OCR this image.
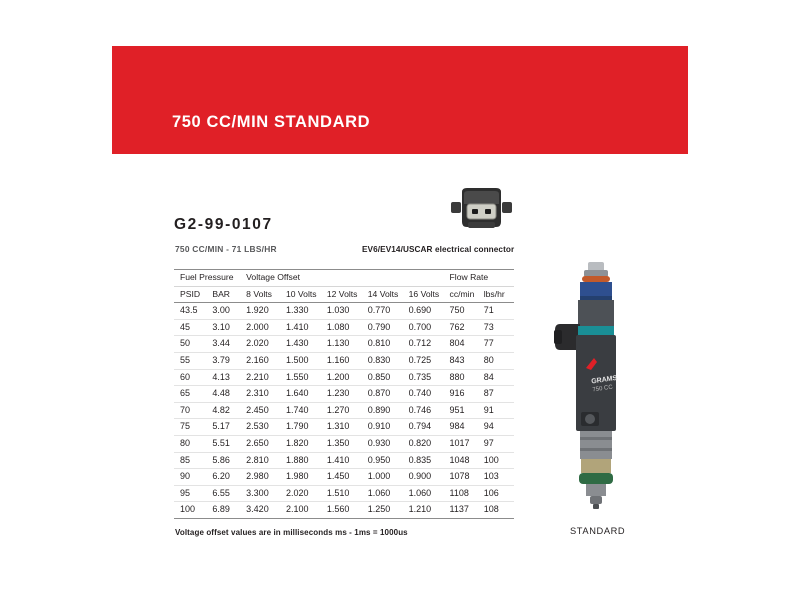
750 CC/MIN STANDARD
G2-99-0107
750 CC/MIN - 71 LBS/HR	EV6/EV14/USCAR electrical connector
Fuel Pressure		Voltage Offset					Flow Rate	
PSID	BAR	8 Volts	10 Volts	12 Volts	14 Volts	16 Volts	cc/min	lbs/hr
43.5	3.00	1.920	1.330	1.030	0.770	0.690	750	71
45	3.10	2.000	1.410	1.080	0.790	0.700	762	73
50	3.44	2.020	1.430	1.130	0.810	0.712	804	77
55	3.79	2.160	1.500	1.160	0.830	0.725	843	80
60	4.13	2.210	1.550	1.200	0.850	0.735	880	84
65	4.48	2.310	1.640	1.230	0.870	0.740	916	87
70	4.82	2.450	1.740	1.270	0.890	0.746	951	91
75	5.17	2.530	1.790	1.310	0.910	0.794	984	94
80	5.51	2.650	1.820	1.350	0.930	0.820	1017	97
85	5.86	2.810	1.880	1.410	0.950	0.835	1048	100
90	6.20	2.980	1.980	1.450	1.000	0.900	1078	103
95	6.55	3.300	2.020	1.510	1.060	1.060	1108	106
100	6.89	3.420	2.100	1.560	1.250	1.210	1137	108
Voltage offset values are in milliseconds ms - 1ms = 1000us
GRAMS
750 CC
STANDARD
